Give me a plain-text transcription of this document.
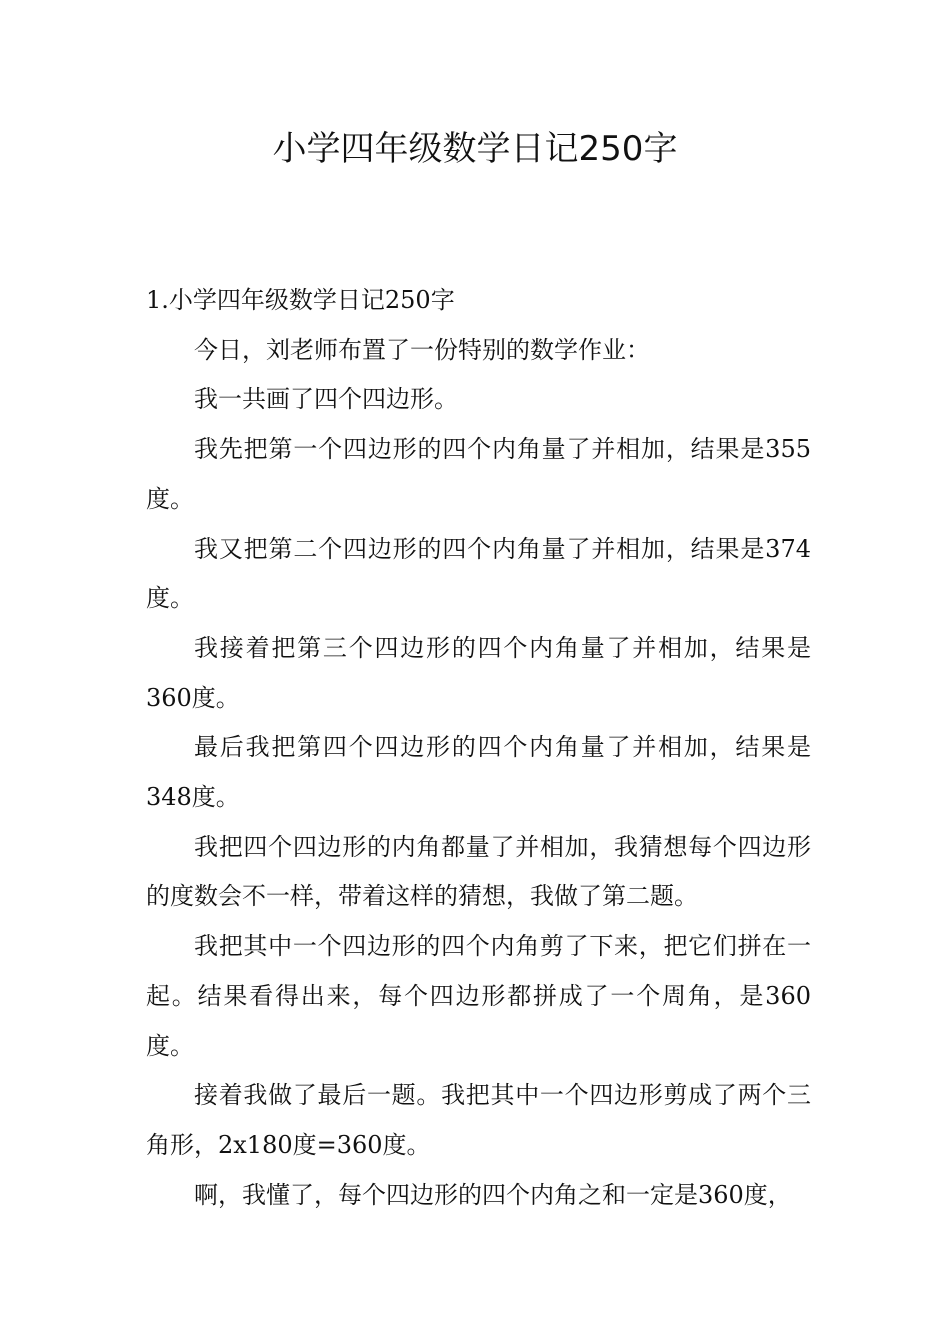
小学四年级数学日记250字

1.小学四年级数学日记250字

今日，刘老师布置了一份特别的数学作业：

我一共画了四个四边形。

我先把第一个四边形的四个内角量了并相加，结果是355度。

我又把第二个四边形的四个内角量了并相加，结果是374度。

我接着把第三个四边形的四个内角量了并相加，结果是360度。

最后我把第四个四边形的四个内角量了并相加，结果是348度。

我把四个四边形的内角都量了并相加，我猜想每个四边形的度数会不一样，带着这样的猜想，我做了第二题。

我把其中一个四边形的四个内角剪了下来，把它们拼在一起。结果看得出来，每个四边形都拼成了一个周角，是360度。

接着我做了最后一题。我把其中一个四边形剪成了两个三角形，2x180度=360度。

啊，我懂了，每个四边形的四个内角之和一定是360度，
